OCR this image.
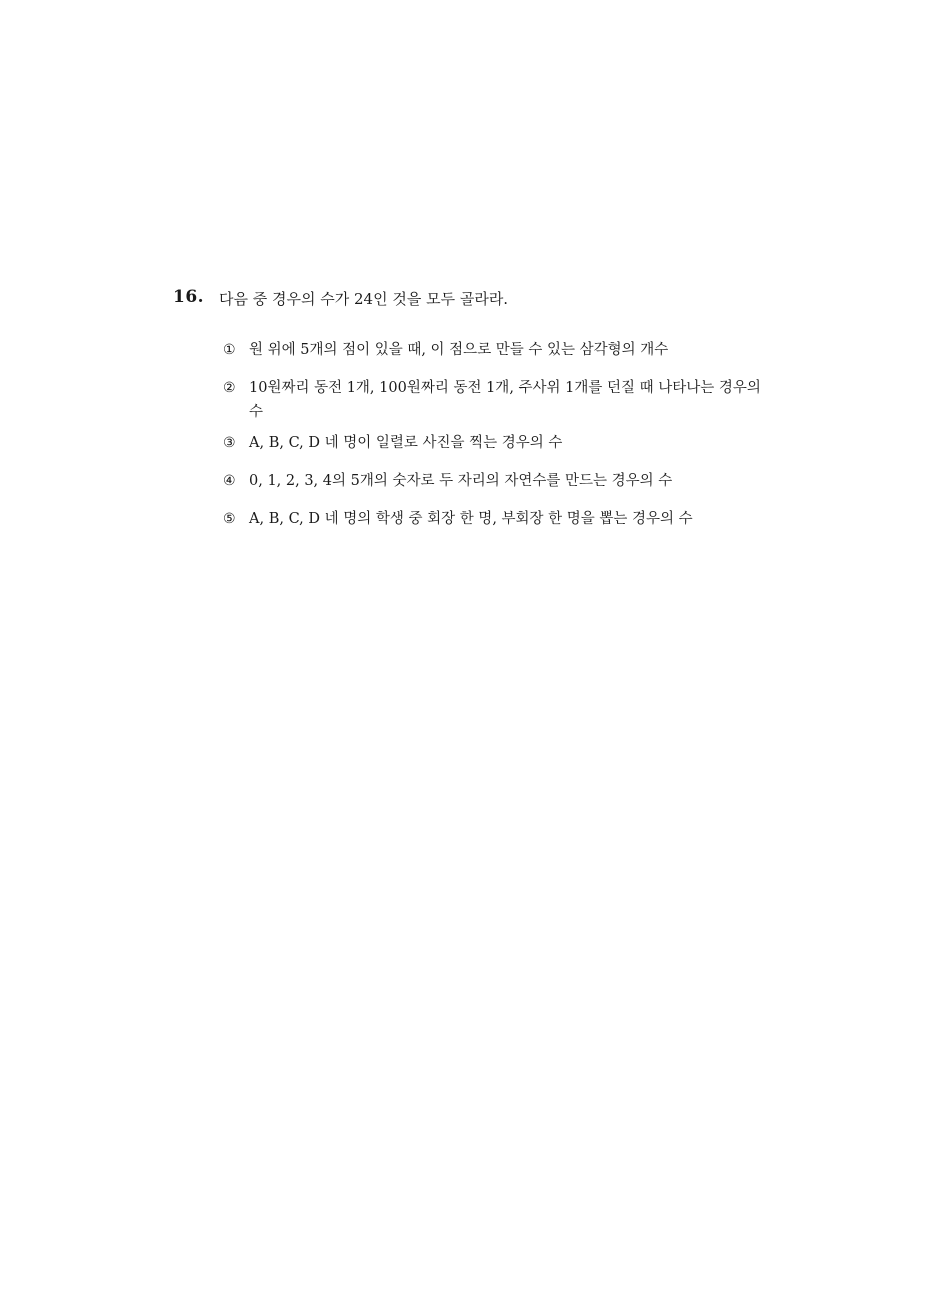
16. 다음 중 경우의 수가 24인 것을 모두 골라라.
① 원 위에 5개의 점이 있을 때, 이 점으로 만들 수 있는 삼각형의 개수
② 10원짜리 동전 1개, 100원짜리 동전 1개, 주사위 1개를 던질 때 나타나는 경우의 수
③ A, B, C, D 네 명이 일렬로 사진을 찍는 경우의 수
④ 0, 1, 2, 3, 4의 5개의 숫자로 두 자리의 자연수를 만드는 경우의 수
⑤ A, B, C, D 네 명의 학생 중 회장 한 명, 부회장 한 명을 뽑는 경우의 수
